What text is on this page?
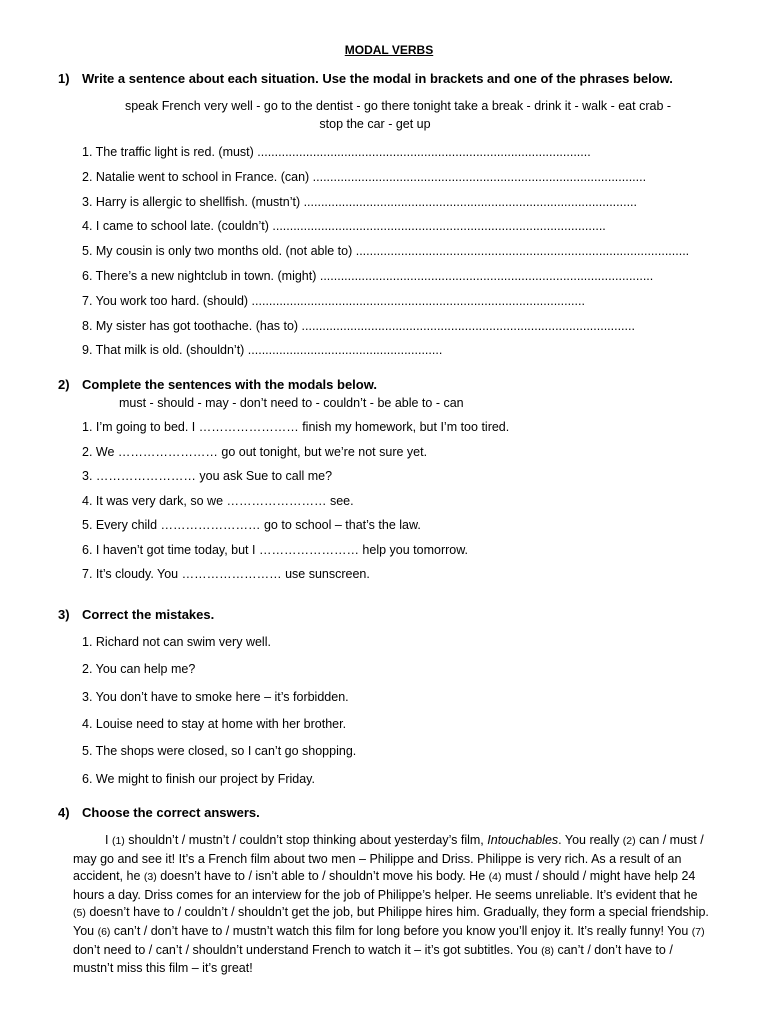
MODAL VERBS
1) Write a sentence about each situation. Use the modal in brackets and one of the phrases below.
speak French very well - go to the dentist - go there tonight take a break - drink it - walk - eat crab -
stop the car - get up
1. The traffic light is red. (must) ................................................................................................
2. Natalie went to school in France. (can) ................................................................................................
3. Harry is allergic to shellfish. (mustn’t) ................................................................................................
4. I came to school late. (couldn’t) ................................................................................................
5. My cousin is only two months old. (not able to) ................................................................................................
6. There’s a new nightclub in town. (might) ................................................................................................
7. You work too hard. (should) ................................................................................................
8. My sister has got toothache. (has to) ................................................................................................
9. That milk is old. (shouldn’t) ........................................................
2) Complete the sentences with the modals below.
must - should - may - don’t need to - couldn’t - be able to - can
1. I’m going to bed. I …………………… finish my homework, but I’m too tired.
2. We …………………… go out tonight, but we’re not sure yet.
3. …………………… you ask Sue to call me?
4. It was very dark, so we …………………… see.
5. Every child …………………… go to school – that’s the law.
6. I haven’t got time today, but I …………………… help you tomorrow.
7. It’s cloudy. You …………………… use sunscreen.
3) Correct the mistakes.
1. Richard not can swim very well.
2. You can help me?
3. You don’t have to smoke here – it’s forbidden.
4. Louise need to stay at home with her brother.
5. The shops were closed, so I can’t go shopping.
6. We might to finish our project by Friday.
4) Choose the correct answers.
I (1) shouldn’t / mustn’t / couldn’t stop thinking about yesterday’s film, Intouchables. You really (2) can / must / may go and see it! It’s a French film about two men – Philippe and Driss. Philippe is very rich. As a result of an accident, he (3) doesn’t have to / isn’t able to / shouldn’t move his body. He (4) must / should / might have help 24 hours a day. Driss comes for an interview for the job of Philippe’s helper. He seems unreliable. It’s evident that he (5) doesn’t have to / couldn’t / shouldn’t get the job, but Philippe hires him. Gradually, they form a special friendship. You (6) can’t / don’t have to / mustn’t watch this film for long before you know you’ll enjoy it. It’s really funny! You (7) don’t need to / can’t / shouldn’t understand French to watch it – it’s got subtitles. You (8) can’t / don’t have to / mustn’t miss this film – it’s great!
